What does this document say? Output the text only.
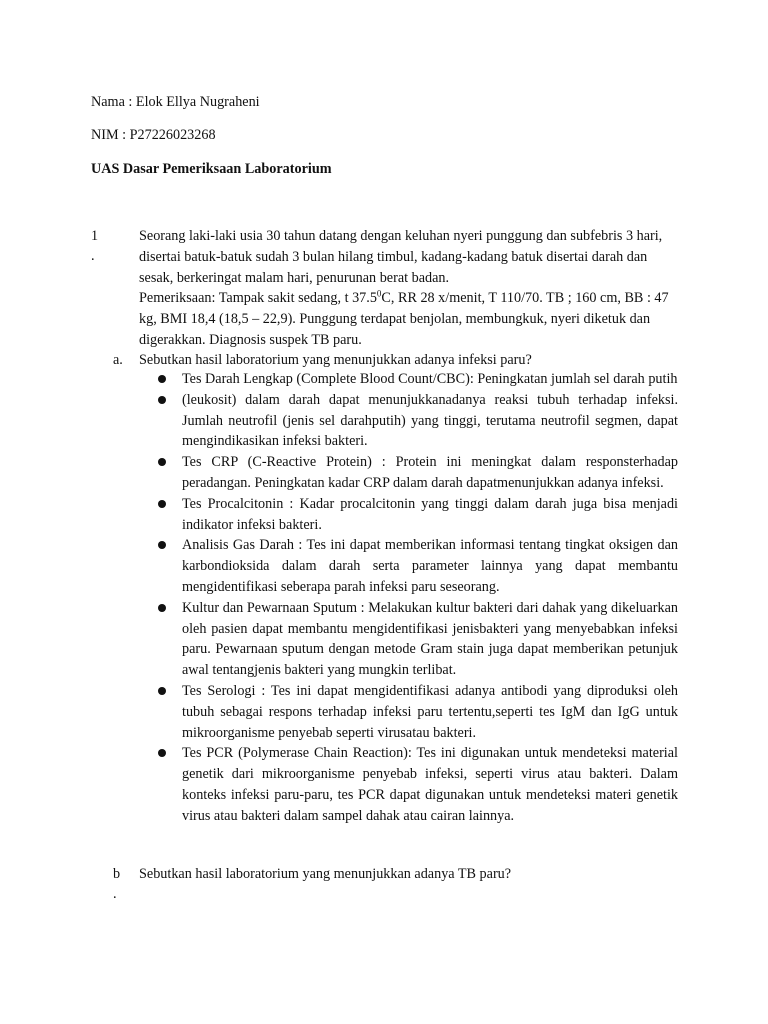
Nama : Elok Ellya Nugraheni
NIM : P27226023268
UAS Dasar Pemeriksaan Laboratorium
1
.

Seorang laki-laki usia 30 tahun datang dengan keluhan nyeri punggung dan subfebris 3 hari, disertai batuk-batuk sudah 3 bulan hilang timbul, kadang-kadang batuk disertai darah dan sesak, berkeringat malam hari, penurunan berat badan.

Pemeriksaan: Tampak sakit sedang, t 37.5$^0$C, RR 28 x/menit, T 110/70. TB ; 160 cm, BB : 47 kg, BMI 18,4 (18,5 – 22,9). Punggung terdapat benjolan, membungkuk, nyeri diketuk dan digerakkan. Diagnosis suspek TB paru.

a.	Sebutkan hasil laboratorium yang menunjukkan adanya infeksi paru?
Tes Darah Lengkap (Complete Blood Count/CBC): Peningkatan jumlah sel darah putih
(leukosit) dalam darah dapat menunjukkanadanya reaksi tubuh terhadap infeksi. Jumlah neutrofil (jenis sel darahputih) yang tinggi, terutama neutrofil segmen, dapat mengindikasikan infeksi bakteri.
Tes CRP (C-Reactive Protein) : Protein ini meningkat dalam responsterhadap peradangan. Peningkatan kadar CRP dalam darah dapatmenunjukkan adanya infeksi.
Tes Procalcitonin : Kadar procalcitonin yang tinggi dalam darah juga bisa menjadi indikator infeksi bakteri.
Analisis Gas Darah : Tes ini dapat memberikan informasi tentang tingkat oksigen dan karbondioksida dalam darah serta parameter lainnya yang dapat membantu mengidentifikasi seberapa parah infeksi paru seseorang.
Kultur dan Pewarnaan Sputum : Melakukan kultur bakteri dari dahak yang dikeluarkan oleh pasien dapat membantu mengidentifikasi jenisbakteri yang menyebabkan infeksi paru. Pewarnaan sputum dengan metode Gram stain juga dapat memberikan petunjuk awal tentangjenis bakteri yang mungkin terlibat.
Tes Serologi : Tes ini dapat mengidentifikasi adanya antibodi yang diproduksi oleh tubuh sebagai respons terhadap infeksi paru tertentu,seperti tes IgM dan IgG untuk mikroorganisme penyebab seperti virusatau bakteri.
Tes PCR (Polymerase Chain Reaction): Tes ini digunakan untuk mendeteksi material genetik dari mikroorganisme penyebab infeksi, seperti virus atau bakteri. Dalam konteks infeksi paru-paru, tes PCR dapat digunakan untuk mendeteksi materi genetik virus atau bakteri dalam sampel dahak atau cairan lainnya.
b
.
Sebutkan hasil laboratorium yang menunjukkan adanya TB paru?
